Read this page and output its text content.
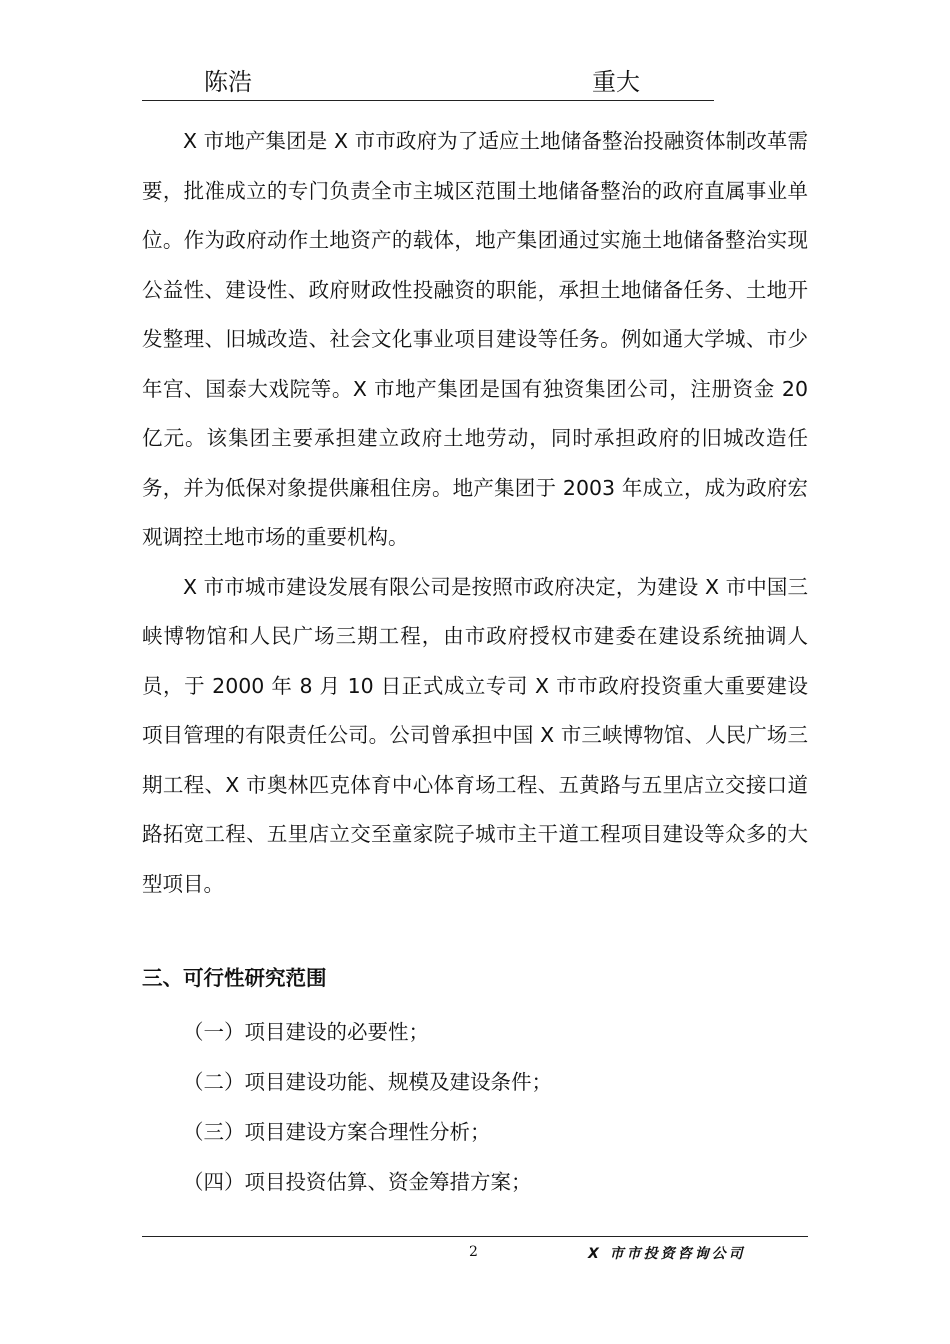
陈浩	重大

X 市地产集团是 X 市市政府为了适应土地储备整治投融资体制改革需要，批准成立的专门负责全市主城区范围土地储备整治的政府直属事业单位。作为政府动作土地资产的载体，地产集团通过实施土地储备整治实现公益性、建设性、政府财政性投融资的职能，承担土地储备任务、土地开发整理、旧城改造、社会文化事业项目建设等任务。例如通大学城、市少年宫、国泰大戏院等。X 市地产集团是国有独资集团公司，注册资金 20 亿元。该集团主要承担建立政府土地劳动，同时承担政府的旧城改造任务，并为低保对象提供廉租住房。地产集团于 2003 年成立，成为政府宏观调控土地市场的重要机构。

X 市市城市建设发展有限公司是按照市政府决定，为建设 X 市中国三峡博物馆和人民广场三期工程，由市政府授权市建委在建设系统抽调人员，于 2000 年 8 月 10 日正式成立专司 X 市市政府投资重大重要建设项目管理的有限责任公司。公司曾承担中国 X 市三峡博物馆、人民广场三期工程、X 市奥林匹克体育中心体育场工程、五黄路与五里店立交接口道路拓宽工程、五里店立交至童家院子城市主干道工程项目建设等众多的大型项目。

三、可行性研究范围
（一）项目建设的必要性；
（二）项目建设功能、规模及建设条件；
（三）项目建设方案合理性分析；
（四）项目投资估算、资金筹措方案；
2	X 市市投资咨询公司
